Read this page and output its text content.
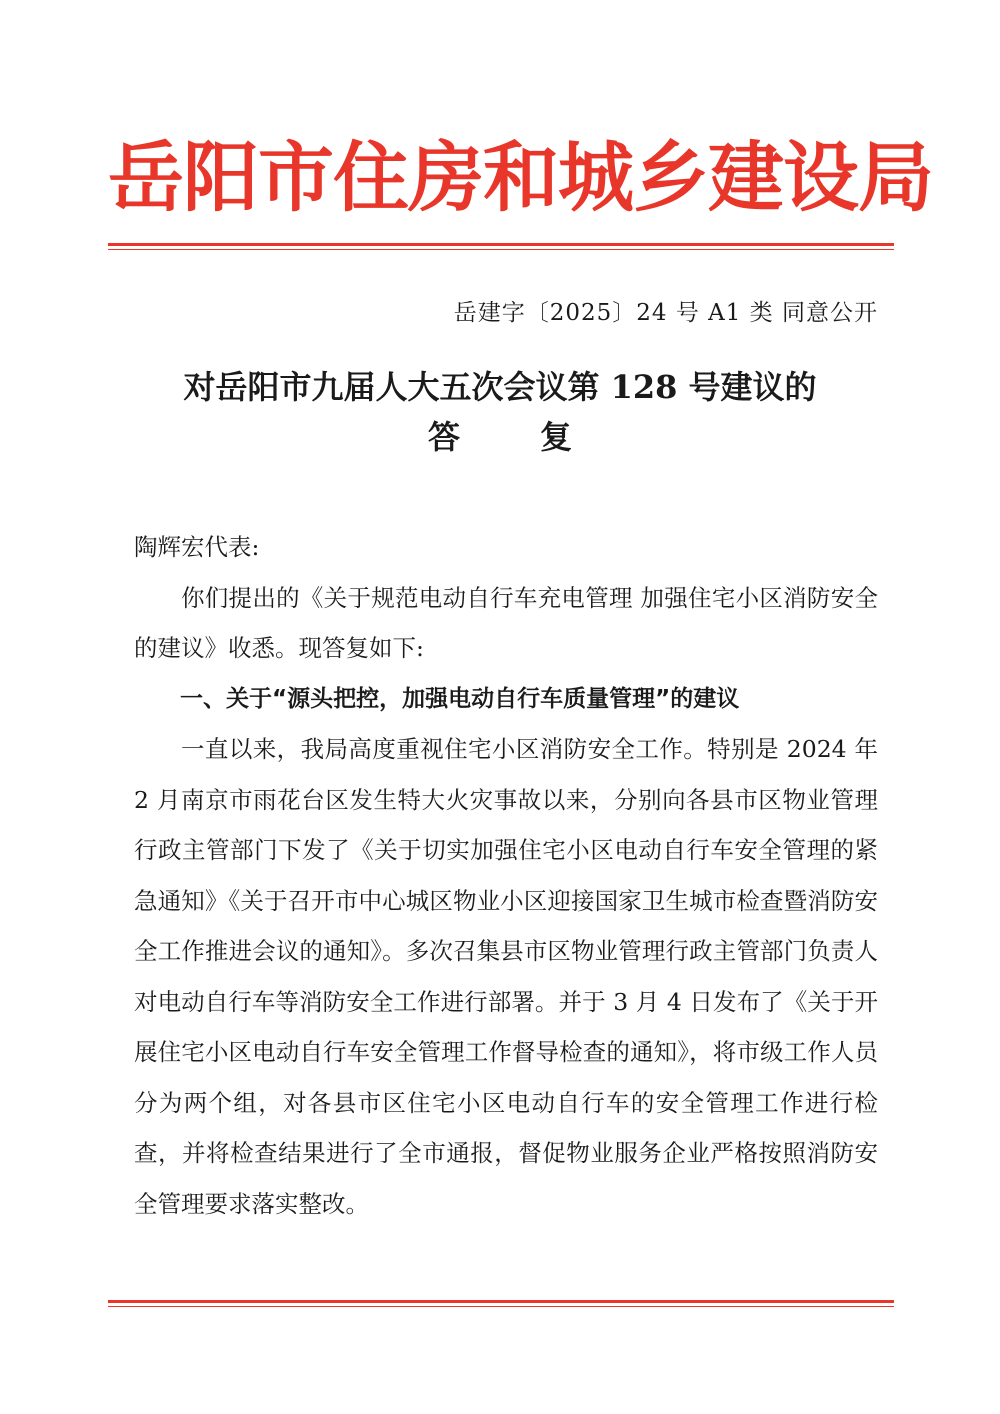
岳阳市住房和城乡建设局
岳建字〔2025〕24 号 A1 类 同意公开
对岳阳市九届人大五次会议第 128 号建议的
答复

陶辉宏代表:

你们提出的《关于规范电动自行车充电管理 加强住宅小区消防安全的建议》收悉。现答复如下:

一、关于“源头把控，加强电动自行车质量管理”的建议

一直以来，我局高度重视住宅小区消防安全工作。特别是 2024 年 2 月南京市雨花台区发生特大火灾事故以来，分别向各县市区物业管理行政主管部门下发了《关于切实加强住宅小区电动自行车安全管理的紧急通知》《关于召开市中心城区物业小区迎接国家卫生城市检查暨消防安全工作推进会议的通知》。多次召集县市区物业管理行政主管部门负责人对电动自行车等消防安全工作进行部署。并于 3 月 4 日发布了《关于开展住宅小区电动自行车安全管理工作督导检查的通知》，将市级工作人员分为两个组，对各县市区住宅小区电动自行车的安全管理工作进行检查，并将检查结果进行了全市通报，督促物业服务企业严格按照消防安全管理要求落实整改。
